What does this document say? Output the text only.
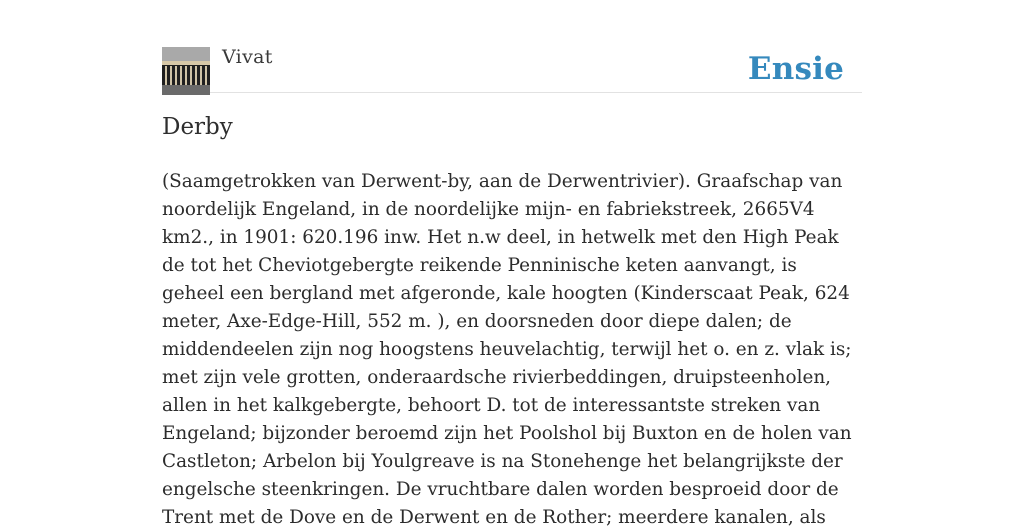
Vivat	Ensie
Derby

(Saamgetrokken van Derwent-by, aan de Derwentrivier). Graafschap van noordelijk Engeland, in de noordelijke mijn- en fabriekstreek, 2665V4 km2., in 1901: 620.196 inw. Het n.w deel, in hetwelk met den High Peak de tot het Cheviotgebergte reikende Penninische keten aanvangt, is geheel een bergland met afgeronde, kale hoogten (Kinderscaat Peak, 624 meter, Axe-Edge-Hill, 552 m. ), en doorsneden door diepe dalen; de middendeelen zijn nog hoogstens heuvelachtig, terwijl het o. en z. vlak is; met zijn vele grotten, onderaardsche rivierbeddingen, druipsteenholen, allen in het kalkgebergte, behoort D. tot de interessantste streken van Engeland; bijzonder beroemd zijn het Poolshol bij Buxton en de holen van Castleton; Arbelon bij Youlgreave is na Stonehenge het belangrijkste der engelsche steenkringen. De vruchtbare dalen worden besproeid door de Trent met de Dove en de Derwent en de Rother; meerdere kanalen, als
